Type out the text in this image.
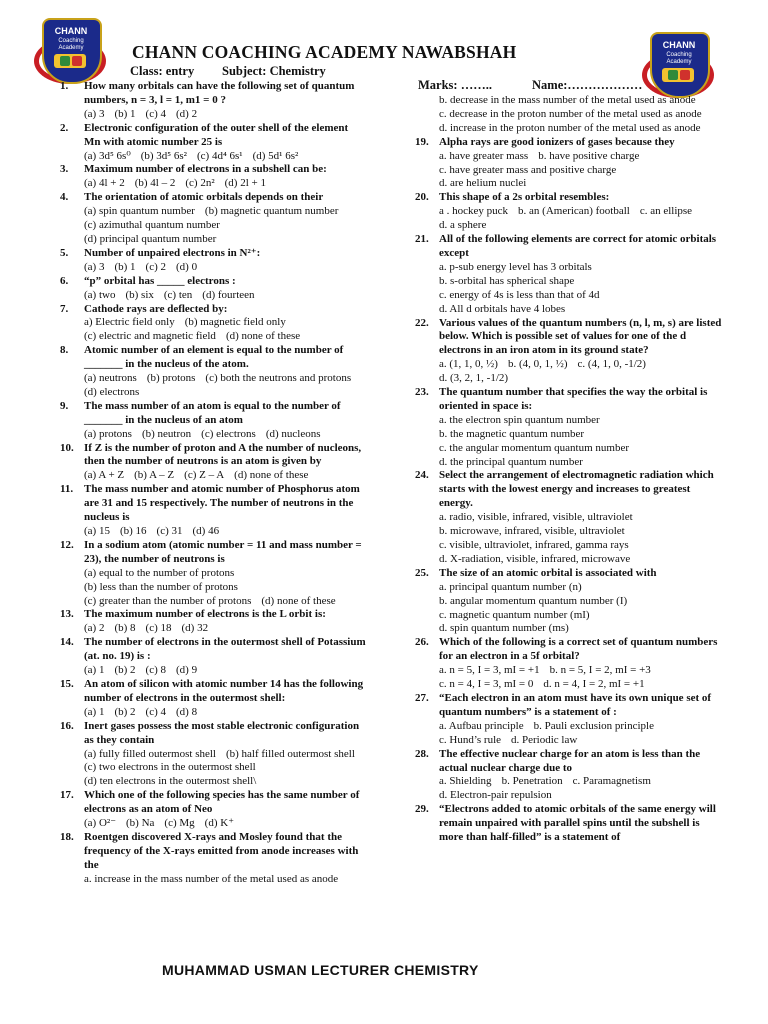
CHANN
Coaching Academy	CHANN
Coaching Academy
CHANN COACHING ACADEMY NAWABSHAH
Class: entry Subject: Chemistry
Marks: ……..	Name:………………
1. How many orbitals can have the following set of quantum numbers, n = 3, l = 1, m1 = 0 ?
(a) 3 (b) 1 (c) 4 (d) 2
2. Electronic configuration of the outer shell of the element Mn with atomic number 25 is
(a) 3d⁵ 6s⁰ (b) 3d⁵ 6s² (c) 4d⁴ 6s¹ (d) 5d¹ 6s²
3. Maximum number of electrons in a subshell can be:
(a) 4l + 2 (b) 4l – 2 (c) 2n² (d) 2l + 1
4. The orientation of atomic orbitals depends on their
(a) spin quantum number (b) magnetic quantum number(c) azimuthal quantum number(d) principal quantum number
5. Number of unpaired electrons in N²⁺:
(a) 3 (b) 1 (c) 2 (d) 0
6. “p” orbital has _____ electrons :
(a) two (b) six (c) ten (d) fourteen
7. Cathode rays are deflected by:
a) Electric field only (b) magnetic field only(c) electric and magnetic field (d) none of these
8. Atomic number of an element is equal to the number of _______ in the nucleus of the atom.
(a) neutrons (b) protons (c) both the neutrons and protons(d) electrons
9. The mass number of an atom is equal to the number of _______ in the nucleus of an atom
(a) protons (b) neutron (c) electrons (d) nucleons
10. If Z is the number of proton and A the number of nucleons, then the number of neutrons is an atom is given by
(a) A + Z (b) A – Z (c) Z – A (d) none of these
11. The mass number and atomic number of Phosphorus atom are 31 and 15 respectively. The number of neutrons in the nucleus is
(a) 15 (b) 16 (c) 31 (d) 46
12. In a sodium atom (atomic number = 11 and mass number = 23), the number of neutrons is
(a) equal to the number of protons(b) less than the number of protons(c) greater than the number of protons (d) none of these
13. The maximum number of electrons is the L orbit is:
(a) 2 (b) 8 (c) 18 (d) 32
14. The number of electrons in the outermost shell of Potassium (at. no. 19) is :
(a) 1 (b) 2 (c) 8 (d) 9
15. An atom of silicon with atomic number 14 has the following number of electrons in the outermost shell:
(a) 1 (b) 2 (c) 4 (d) 8
16. Inert gases possess the most stable electronic configuration as they contain
(a) fully filled outermost shell (b) half filled outermost shell(c) two electrons in the outermost shell(d) ten electrons in the outermost shell\
17. Which one of the following species has the same number of electrons as an atom of Neo
(a) O²⁻ (b) Na (c) Mg (d) K⁺
18. Roentgen discovered X-rays and Mosley found that the frequency of the X-rays emitted from anode increases with the
a. increase in the mass number of the metal used as anode
b. decrease in the mass number of the metal used as anodec. decrease in the proton number of the metal used as anoded. increase in the proton number of the metal used as anode
19. Alpha rays are good ionizers of gases because they
a. have greater mass b. have positive chargec. have greater mass and positive charged. are helium nuclei
20. This shape of a 2s orbital resembles:
a . hockey puck b. an (American) football c. an ellipsed. a sphere
21. All of the following elements are correct for atomic orbitals except
a. p-sub energy level has 3 orbitalsb. s-orbital has spherical shapec. energy of 4s is less than that of 4dd. All d orbitals have 4 lobes
22. Various values of the quantum numbers (n, l, m, s) are listed below. Which is possible set of values for one of the d electrons in an iron atom in its ground state?
a. (1, 1, 0, ½) b. (4, 0, 1, ½) c. (4, 1, 0, -1/2)d. (3, 2, 1, -1/2)
23. The quantum number that specifies the way the orbital is oriented in space is:
a. the electron spin quantum numberb. the magnetic quantum numberc. the angular momentum quantum numberd. the principal quantum number
24. Select the arrangement of electromagnetic radiation which starts with the lowest energy and increases to greatest energy.
a. radio, visible, infrared, visible, ultravioletb. microwave, infrared, visible, ultravioletc. visible, ultraviolet, infrared, gamma raysd. X-radiation, visible, infrared, microwave
25. The size of an atomic orbital is associated with
a. principal quantum number (n)b. angular momentum quantum number (I)c. magnetic quantum number (mI)d. spin quantum number (ms)
26. Which of the following is a correct set of quantum numbers for an electron in a 5f orbital?
a. n = 5, I = 3, mI = +1 b. n = 5, I = 2, mI = +3c. n = 4, I = 3, mI = 0 d. n = 4, I = 2, mI = +1
27. “Each electron in an atom must have its own unique set of quantum numbers” is a statement of :
a. Aufbau principle b. Pauli exclusion principlec. Hund’s rule d. Periodic law
28. The effective nuclear charge for an atom is less than the actual nuclear charge due to
a. Shielding b. Penetration c. Paramagnetismd. Electron-pair repulsion
29. “Electrons added to atomic orbitals of the same energy will remain unpaired with parallel spins until the subshell is more than half-filled” is a statement of
MUHAMMAD USMAN LECTURER CHEMISTRY
